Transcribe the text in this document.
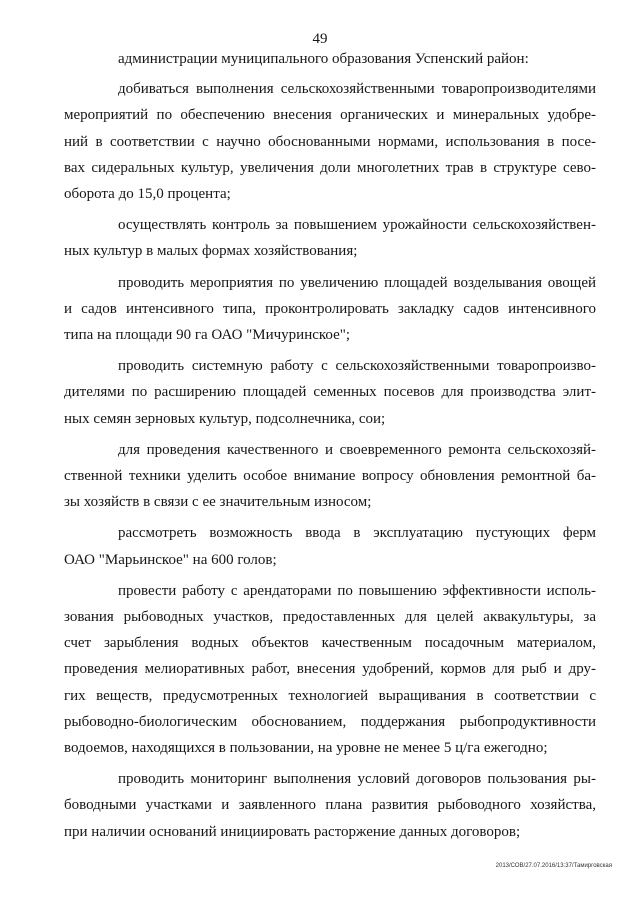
49

администрации муниципального образования Успенский район:

добиваться выполнения сельскохозяйственными товаропроизводителями
мероприятий по обеспечению внесения органических и минеральных удобре-
ний в соответствии с научно обоснованными нормами, использования в посе-
вах сидеральных культур, увеличения доли многолетних трав в структуре сево-
оборота до 15,0 процента;

осуществлять контроль за повышением урожайности сельскохозяйствен-
ных культур в малых формах хозяйствования;

проводить мероприятия по увеличению площадей возделывания овощей
и садов интенсивного типа, проконтролировать закладку садов интенсивного
типа на площади 90 га ОАО "Мичуринское";

проводить системную работу с сельскохозяйственными товаропроизво-
дителями по расширению площадей семенных посевов для производства элит-
ных семян зерновых культур, подсолнечника, сои;

для проведения качественного и своевременного ремонта сельскохозяй-
ственной техники уделить особое внимание вопросу обновления ремонтной ба-
зы хозяйств в связи с ее значительным износом;

рассмотреть возможность ввода в эксплуатацию пустующих ферм
ОАО "Марьинское" на 600 голов;

провести работу с арендаторами по повышению эффективности исполь-
зования рыбоводных участков, предоставленных для целей аквакультуры, за
счет зарыбления водных объектов качественным посадочным материалом,
проведения мелиоративных работ, внесения удобрений, кормов для рыб и дру-
гих веществ, предусмотренных технологией выращивания в соответствии с
рыбоводно-биологическим обоснованием, поддержания рыбопродуктивности
водоемов, находящихся в пользовании, на уровне не менее 5 ц/га ежегодно;

проводить мониторинг выполнения условий договоров пользования ры-
боводными участками и заявленного плана развития рыбоводного хозяйства,
при наличии оснований инициировать расторжение данных договоров;

2013/СОВ/27.07.2016/13:37/Тамирговская
